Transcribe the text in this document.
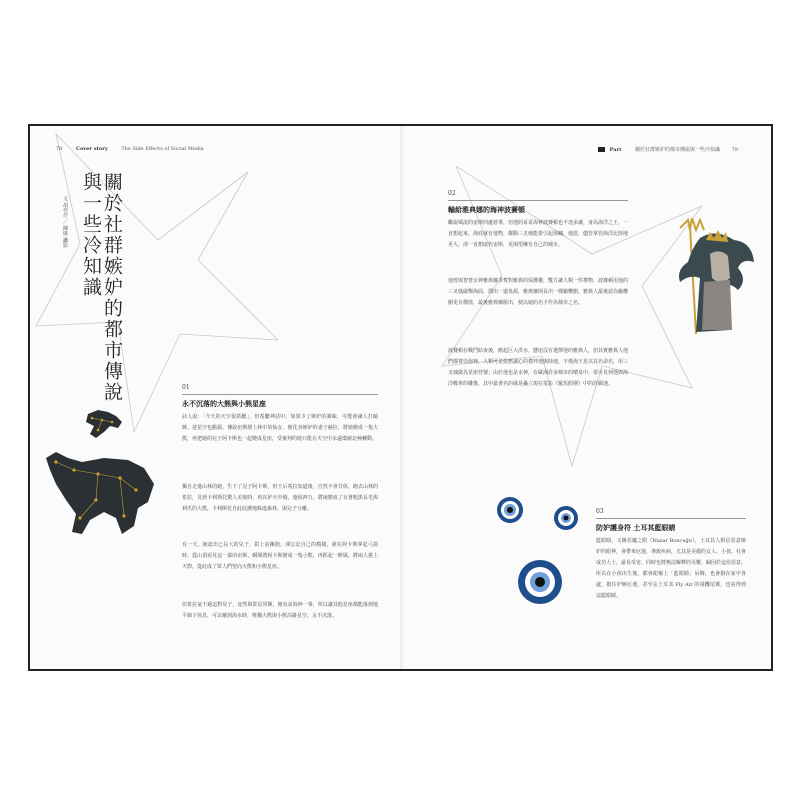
78	Cover story	The Side Effects of Social Media
文 胡亭仔 ／ 陳康 攝影	關於社群嫉妒的都市傳說與一些冷知識
01
永不沉落的大熊與小熊星座
詩人說：「今天的天空很希臘」，但希臘神話中，如果少了嫉妒的調味，可能會讓人打瞌睡。達星空也點綴，傳說宙斯戀上林中的仙女，便化身嫉妒的妻子赫拉，將她變成一隻大熊，再把她的兒子阿卡斯也一起變成星座，受審判的她只能在天空中永遠環繞北極轉動。
獨自走進山林的她，生下了兒子阿卡斯，但王后希拉知道後，自然不會甘休，跑去山林的希拉，見到卡利斯托驚人美貌時，再次妒火中燒，施展神力，將她變成了有著粗黑長毛與利爪的大熊，卡利斯托自此庇護地躲進森林，與兒子分離。
有一天，她認出已長大的兒子，拔上前擁抱，渾忘記自己的模樣，就在阿卡斯拿起弓箭時，從山頂看見這一幕的宙斯，瞬間將阿卡斯變成一隻小熊，再抓起一陣風，將兩人捲上天際，從此成了眾人們望向大熊和小熊星座。
但希拉氣不過這對母子，竟然與眾星同輝，便央求海神一事，所以讓其他星座都能落到地平線下休息，可以戴到海水時，唯獨大熊與小熊高掛星空，永不沉落。
Part	關於社群嫉妒的都市傳說與一些冷知識 79
02
輸給雅典娜的海神波賽頓
繼說風流的宙斯四處惹事，但他的哥哥海神波賽頓也不遑多讓，身為海洋之王，一直想起來，海底就有他物，鄰動三叉戟能排引起海嘯、地震，儘管掌管海洋比陸地更大，卻一直想取代宙斯，更渴望擁有自己的城市。
他曾與智慧女神雅典娜爭奪對雅典的保護權，雙方讓人類一件禮物，波賽頓用他的三叉戟敲擊海面，湧出一道泉源，雅典娜則長出一棵橄欖樹，雅典人最後認為橄欖樹更有價值，最後雅典娜勝出，便以她的名字作為城市之名。
波賽頓在戰鬥結束後，掀起巨大洪水，懸崖沒有選擇他的雅典人，但其實雅典人他們都尊崇海神，人類可是依舊誠心的禮拜他與陸地，不僅海王星以其名命名，用三叉戟做為星座符號；由於他也是水神，在歐洲許多城市的噴泉中，常可見到他與海洋戰車的雕像，其中最著名的就是矗立現在電影《羅馬假期》中的許願池。
03
防妒護身符 土耳其藍眼睛
藍眼睛，又稱惡魔之眼（Nazar Boncuğu），土耳其人相信惡意嫉妒的眼神，會帶來厄運，導致疾病，尤其是美麗的女人、小孩、社會成功人士，最易受害，同時也將無法解釋的災難，歸因於這份惡意，所以在小孩出生後，都會配戴上「藍眼睛」吊飾，也會掛在家中各處，擋住妒嫉厄運，甚至在土耳其 Fly Air 的飛機尾翼，也看得到這藍眼睛。
